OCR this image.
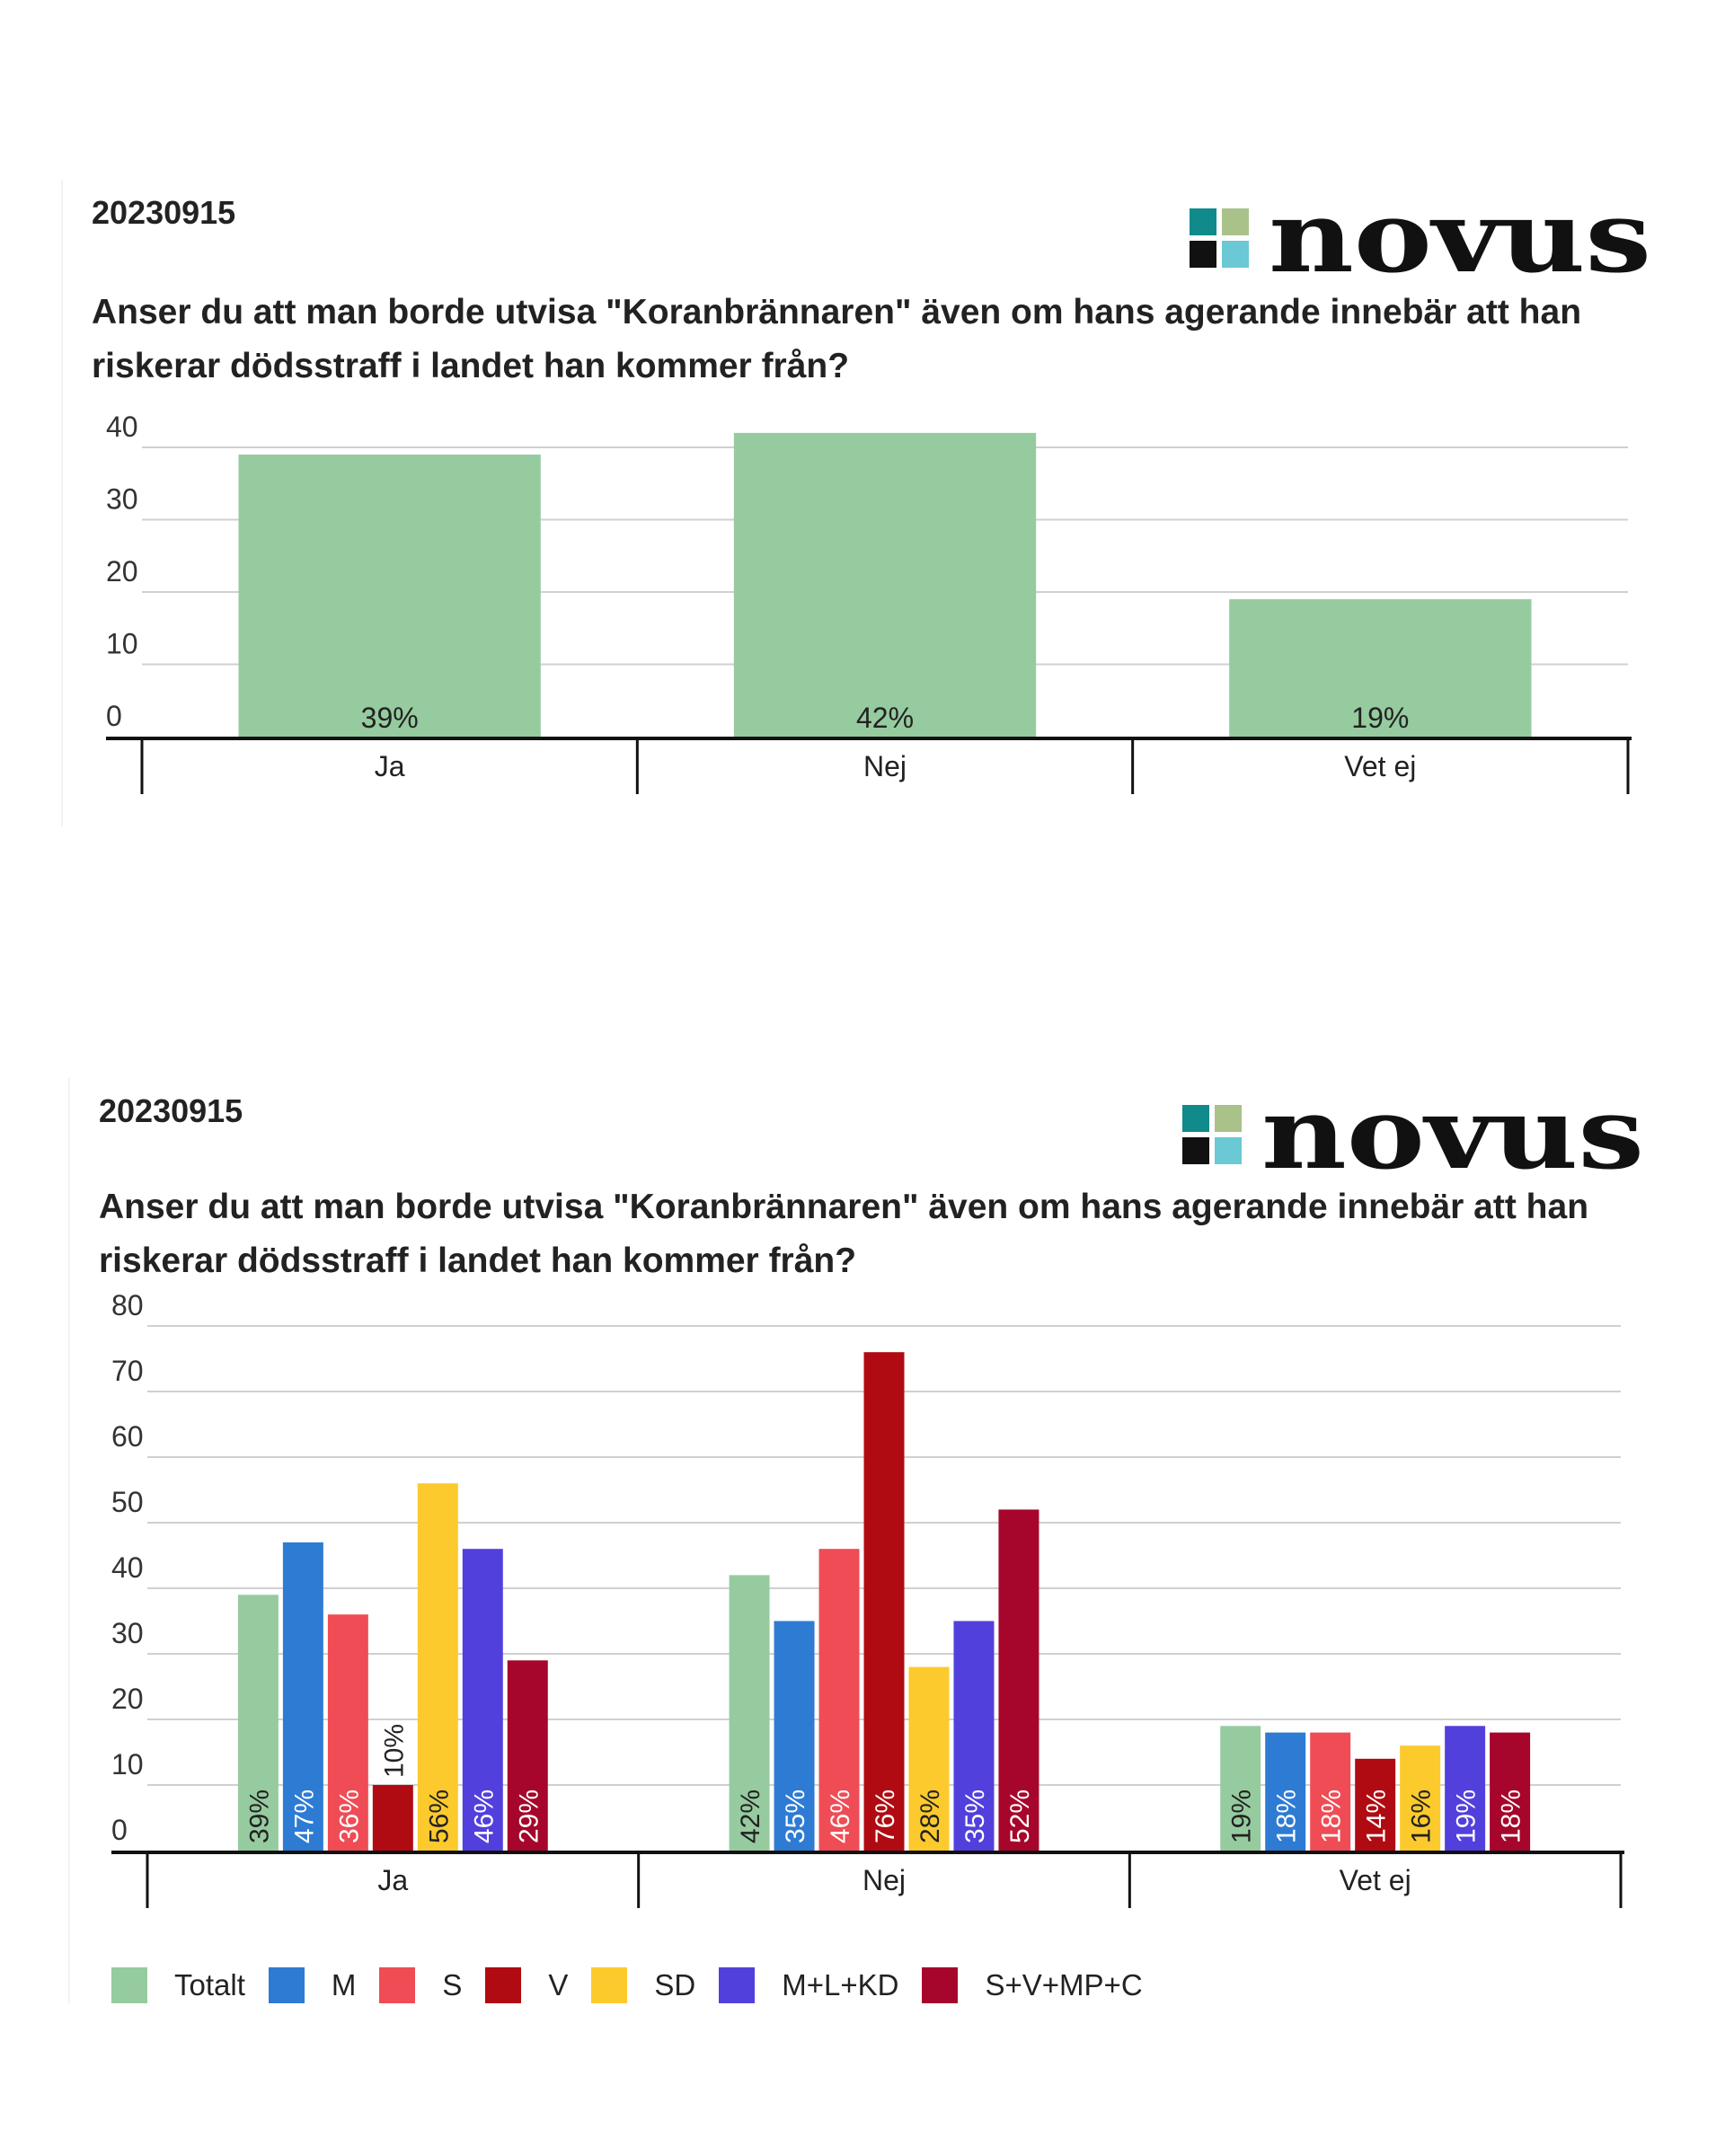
20230915	novus
Anser du att man borde utvisa "Koranbrännaren" även om hans agerande innebär att han riskerar dödsstraff i landet han kommer från?
20230915	novus
Anser du att man borde utvisa "Koranbrännaren" även om hans agerande innebär att han riskerar dödsstraff i landet han kommer från?
0
10
20
30
40
Ja
39%
Nej
42%
Vet ej
19%
0
10
20
30
40
50
60
70
80
Ja
39% 47% 36%
10%
56% 46% 29%
Nej
42% 35% 46% 76% 28% 35% 52%
Vet ej
19% 18% 18% 14% 16% 19% 18%
Totalt	M	S	V	SD	M+L+KD	S+V+MP+C
